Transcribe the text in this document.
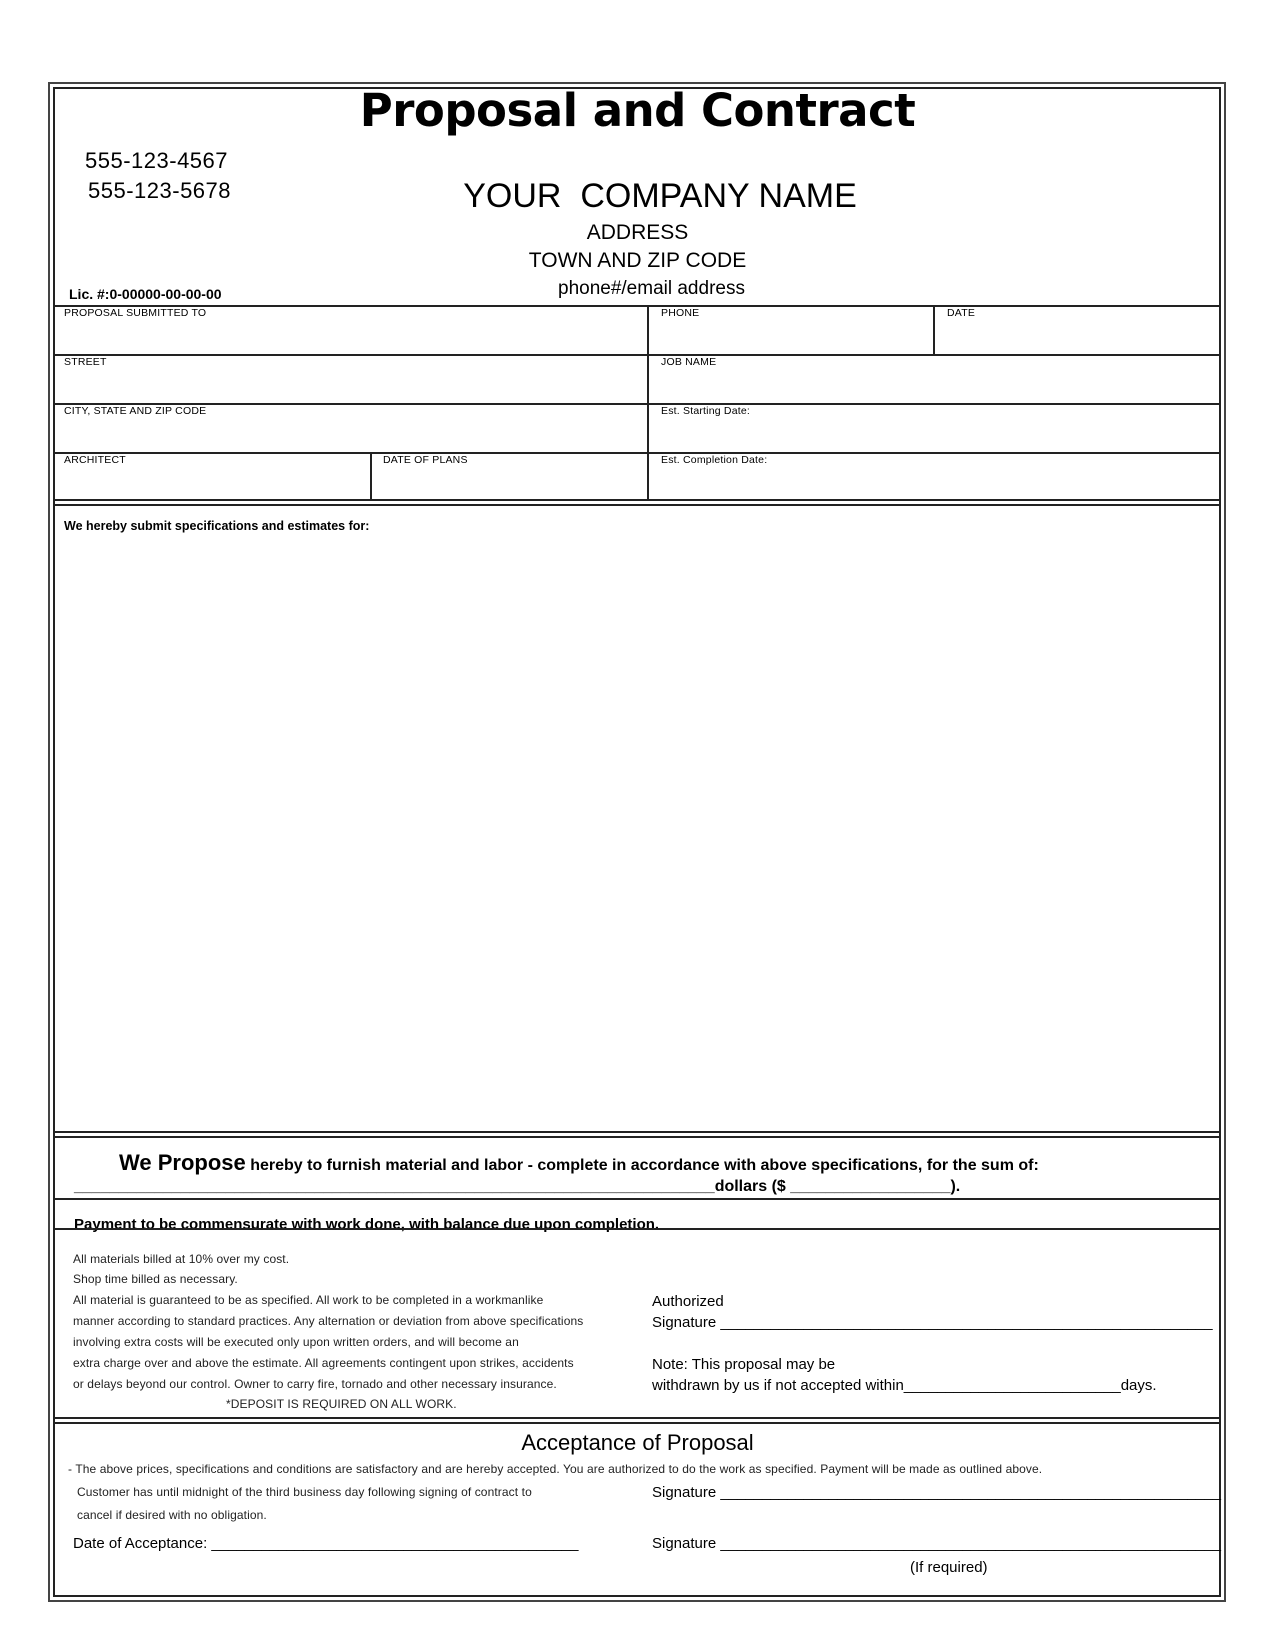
Proposal and Contract
555-123-4567
555-123-5678	YOUR  COMPANY NAME
ADDRESS
TOWN AND ZIP CODE
phone#/email address
Lic. #:0-00000-00-00-00
PROPOSAL SUBMITTED TO	PHONE	DATE
STREET	JOB NAME
CITY, STATE AND ZIP CODE	Est. Starting Date:
ARCHITECT	DATE OF PLANS	Est. Completion Date:
We hereby submit specifications and estimates for:
We Propose hereby to furnish material and labor - complete in accordance with above specifications, for the sum of:
________________________________________________________________________dollars ($ __________________).
Payment to be commensurate with work done, with balance due upon completion.
All materials billed at 10% over my cost.
Shop time billed as necessary.
All material is guaranteed to be as specified. All work to be completed in a workmanlike
manner according to standard practices. Any alternation or deviation from above specifications
involving extra costs will be executed only upon written orders, and will become an
extra charge over and above the estimate. All agreements contingent upon strikes, accidents
or delays beyond our control. Owner to carry fire, tornado and other necessary insurance.
*DEPOSIT IS REQUIRED ON ALL WORK.
Authorized
Signature ___________________________________________________________
Note: This proposal may be
withdrawn by us if not accepted within__________________________days.
Acceptance of Proposal
- The above prices, specifications and conditions are satisfactory and are hereby accepted. You are authorized to do the work as specified. Payment will be made as outlined above.
Customer has until midnight of the third business day following signing of contract to
cancel if desired with no obligation.
Signature ____________________________________________________________
Date of Acceptance: ____________________________________________	Signature ____________________________________________________________
(If required)
